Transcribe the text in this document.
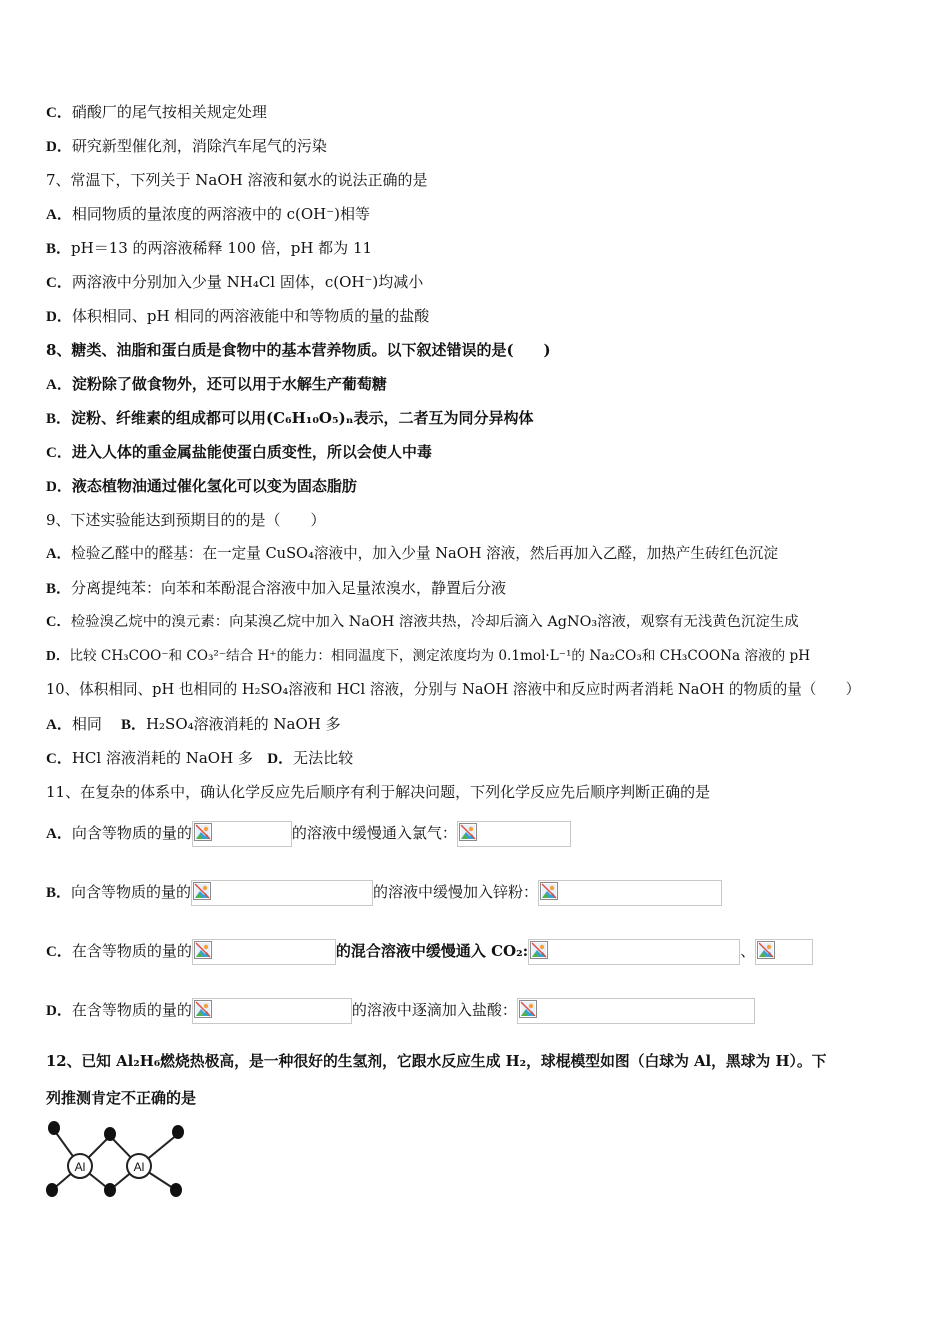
C．硝酸厂的尾气按相关规定处理
D．研究新型催化剂，消除汽车尾气的污染
7、常温下，下列关于 NaOH 溶液和氨水的说法正确的是
A．相同物质的量浓度的两溶液中的 c(OH⁻)相等
B．pH＝13 的两溶液稀释 100 倍，pH 都为 11
C．两溶液中分别加入少量 NH₄Cl 固体，c(OH⁻)均减小
D．体积相同、pH 相同的两溶液能中和等物质的量的盐酸
8、糖类、油脂和蛋白质是食物中的基本营养物质。以下叙述错误的是(　　)
A．淀粉除了做食物外，还可以用于水解生产葡萄糖
B．淀粉、纤维素的组成都可以用(C₆H₁₀O₅)ₙ表示，二者互为同分异构体
C．进入人体的重金属盐能使蛋白质变性，所以会使人中毒
D．液态植物油通过催化氢化可以变为固态脂肪
9、下述实验能达到预期目的的是（　　）
A．检验乙醛中的醛基：在一定量 CuSO₄溶液中，加入少量 NaOH 溶液，然后再加入乙醛，加热产生砖红色沉淀
B．分离提纯苯：向苯和苯酚混合溶液中加入足量浓溴水，静置后分液
C．检验溴乙烷中的溴元素：向某溴乙烷中加入 NaOH 溶液共热，冷却后滴入 AgNO₃溶液，观察有无浅黄色沉淀生成
D．比较 CH₃COO⁻和 CO₃²⁻结合 H⁺的能力：相同温度下，测定浓度均为 0.1mol·L⁻¹的 Na₂CO₃和 CH₃COONa 溶液的 pH
10、体积相同、pH 也相同的 H₂SO₄溶液和 HCl 溶液，分别与 NaOH 溶液中和反应时两者消耗 NaOH 的物质的量（　　）
A．相同 B．H₂SO₄溶液消耗的 NaOH 多
C．HCl 溶液消耗的 NaOH 多 D．无法比较
11、在复杂的体系中，确认化学反应先后顺序有利于解决问题，下列化学反应先后顺序判断正确的是
A．向含等物质的量的	的溶液中缓慢通入氯气：
B．向含等物质的量的	的溶液中缓慢加入锌粉：
C．在含等物质的量的	的混合溶液中缓慢通入 CO₂:	、
D．在含等物质的量的	的溶液中逐滴加入盐酸：
12、已知 Al₂H₆燃烧热极高，是一种很好的生氢剂，它跟水反应生成 H₂，球棍模型如图（白球为 Al，黑球为 H）。下
列推测肯定不正确的是
Al	Al
